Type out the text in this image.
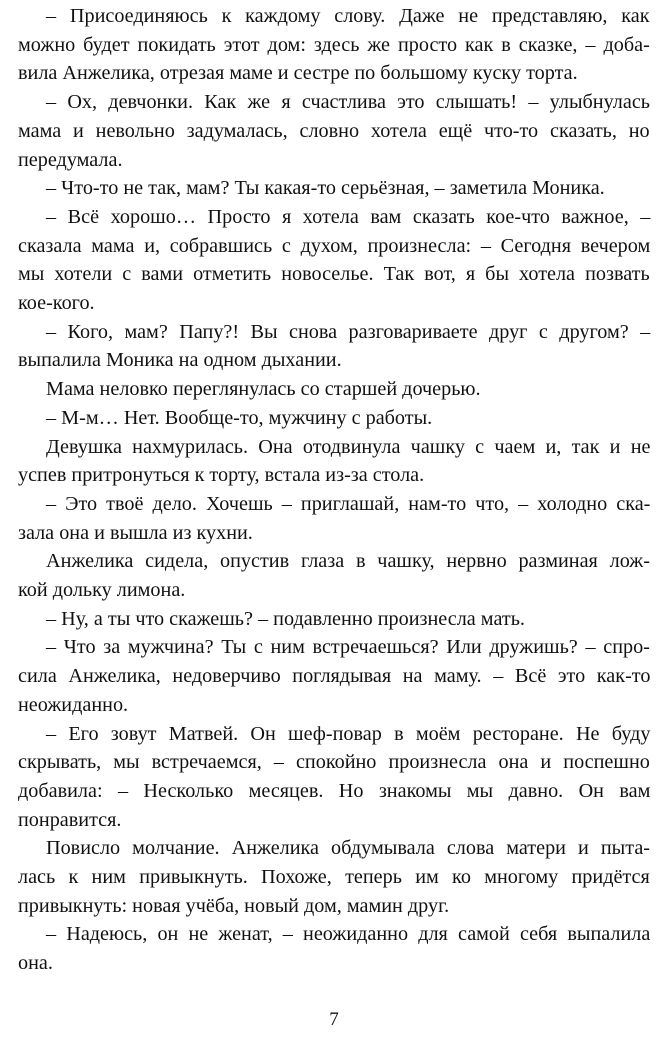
– Присоединяюсь к каждому слову. Даже не представляю, как
можно будет покидать этот дом: здесь же просто как в сказке, – доба-
вила Анжелика, отрезая маме и сестре по большому куску торта.
– Ох, девчонки. Как же я счастлива это слышать! – улыбнулась
мама и невольно задумалась, словно хотела ещё что-то сказать, но
передумала.
– Что-то не так, мам? Ты какая-то серьёзная, – заметила Моника.
– Всё хорошо… Просто я хотела вам сказать кое-что важное, –
сказала мама и, собравшись с духом, произнесла: – Сегодня вечером
мы хотели с вами отметить новоселье. Так вот, я бы хотела позвать
кое-кого.
– Кого, мам? Папу?! Вы снова разговариваете друг с другом? –
выпалила Моника на одном дыхании.
Мама неловко переглянулась со старшей дочерью.
– М-м… Нет. Вообще-то, мужчину с работы.
Девушка нахмурилась. Она отодвинула чашку с чаем и, так и не
успев притронуться к торту, встала из-за стола.
– Это твоё дело. Хочешь – приглашай, нам-то что, – холодно ска-
зала она и вышла из кухни.
Анжелика сидела, опустив глаза в чашку, нервно разминая лож-
кой дольку лимона.
– Ну, а ты что скажешь? – подавленно произнесла мать.
– Что за мужчина? Ты с ним встречаешься? Или дружишь? – спро-
сила Анжелика, недоверчиво поглядывая на маму. – Всё это как-то
неожиданно.
– Его зовут Матвей. Он шеф-повар в моём ресторане. Не буду
скрывать, мы встречаемся, – спокойно произнесла она и поспешно
добавила: – Несколько месяцев. Но знакомы мы давно. Он вам
понравится.
Повисло молчание. Анжелика обдумывала слова матери и пыта-
лась к ним привыкнуть. Похоже, теперь им ко многому придётся
привыкнуть: новая учёба, новый дом, мамин друг.
– Надеюсь, он не женат, – неожиданно для самой себя выпалила
она.
7
